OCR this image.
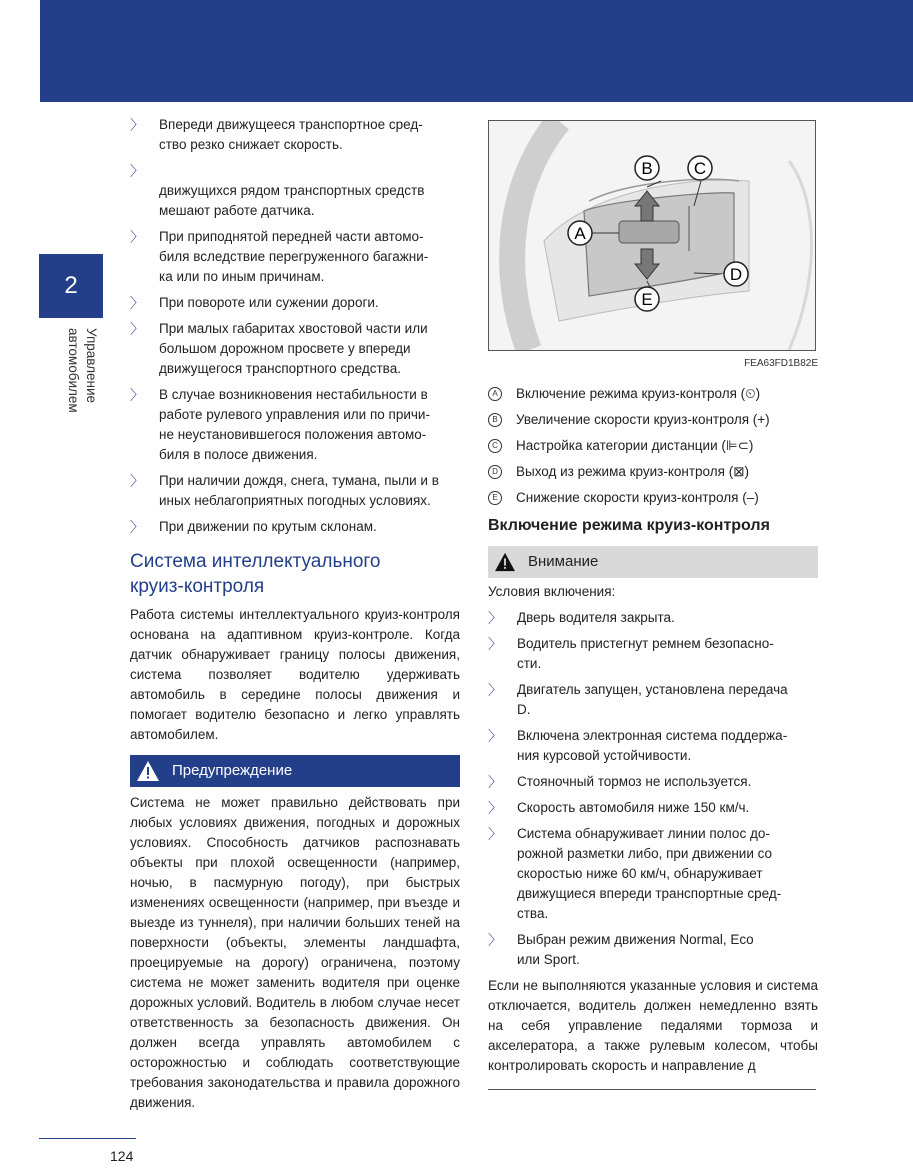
2
Управление
автомобилем
〉 Впереди движущееся транспортное сред-
ство резко снижает скорость.
〉
движущихся рядом транспортных средств
мешают работе датчика.
〉 При приподнятой передней части автомо-
биля вследствие перегруженного багажни-
ка или по иным причинам.
〉 При повороте или сужении дороги.
〉 При малых габаритах хвостовой части или
большом дорожном просвете у впереди
движущегося транспортного средства.
〉 В случае возникновения нестабильности в
работе рулевого управления или по причи-
не неустановившегося положения автомо-
биля в полосе движения.
〉 При наличии дождя, снега, тумана, пыли и в
иных неблагоприятных погодных условиях.
〉 При движении по крутым склонам.
Система интеллектуального
круиз-контроля

Работа системы интеллектуального круиз-контроля основана на адаптивном круиз-контроле. Когда датчик обнаруживает границу полосы движения, система позволяет водителю удерживать автомобиль в середине полосы движения и помогает водителю безопасно и легко управлять автомобилем.

Предупреждение

Система не может правильно действовать при любых условиях движения, погодных и дорожных условиях. Способность датчиков распознавать объекты при плохой освещенности (например, ночью, в пасмурную погоду), при быстрых изменениях освещенности (например, при въезде и выезде из туннеля), при наличии больших теней на поверхности (объекты, элементы ландшафта, проецируемые на дорогу) ограничена, поэтому система не может заменить водителя при оценке дорожных условий. Водитель в любом случае несет ответственность за безопасность движения. Он должен всегда управлять автомобилем с осторожностью и соблюдать соответствующие требования законодательства и правила дорожного движения.

B C
A
D
E
FEA63FD1B82E
A	Включение режима круиз-контроля (⏲)
B	Увеличение скорости круиз-контроля (+)
C	Настройка категории дистанции (⊫⊂)
D	Выход из режима круиз-контроля (⊠)
E	Снижение скорости круиз-контроля (–)
Включение режима круиз-контроля
Внимание
Условия включения:
〉 Дверь водителя закрыта.
〉 Водитель пристегнут ремнем безопасно-
сти.
〉 Двигатель запущен, установлена передача
D.
〉 Включена электронная система поддержа-
ния курсовой устойчивости.
〉 Стояночный тормоз не используется.
〉 Скорость автомобиля ниже 150 км/ч.
〉 Система обнаруживает линии полос до-
рожной разметки либо, при движении со
скоростью ниже 60 км/ч, обнаруживает
движущиеся впереди транспортные сред-
ства.
〉 Выбран режим движения Normal, Eco
или Sport.

Если не выполняются указанные условия и система отключается, водитель должен немедленно взять на себя управление педалями тормоза и акселератора, а также рулевым колесом, чтобы контролировать скорость и направление д

124
